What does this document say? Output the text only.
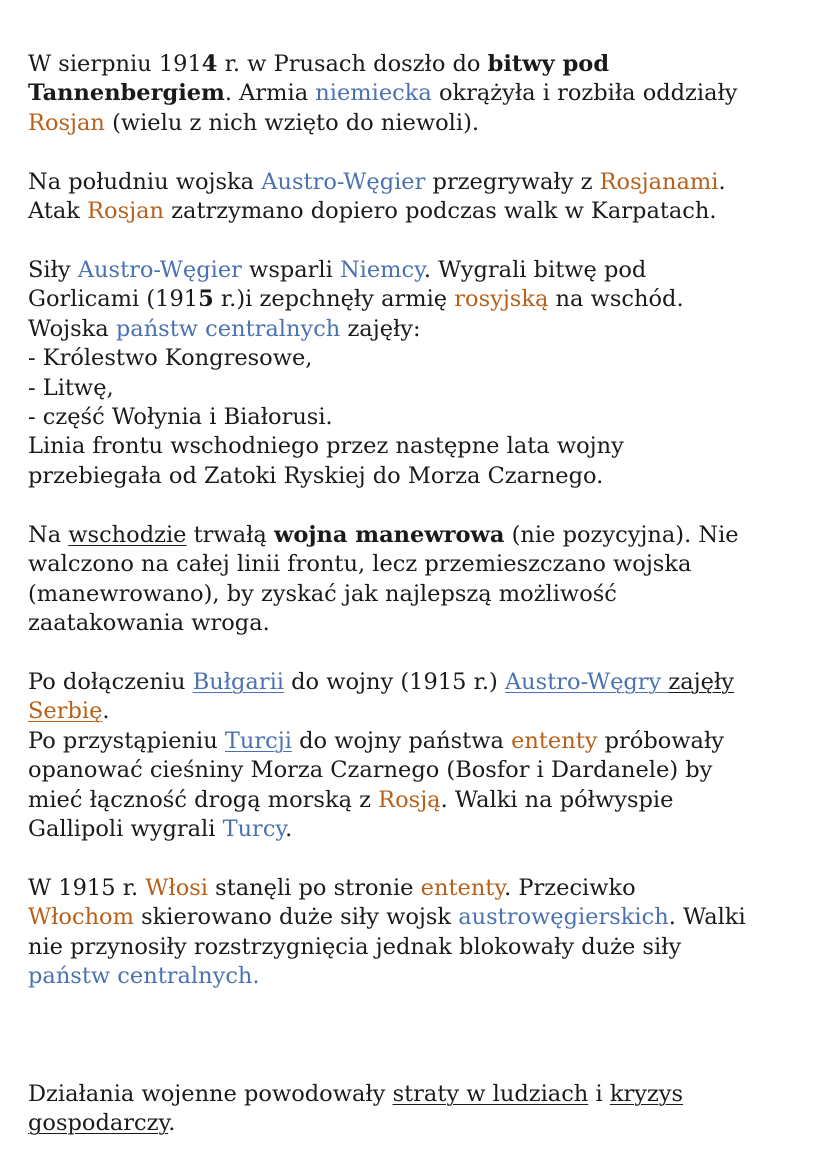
W sierpniu 1914 r. w Prusach doszło do bitwy pod

Tannenbergiem. Armia niemiecka okrążyła i rozbiła oddziały

Rosjan (wielu z nich wzięto do niewoli).

Na południu wojska Austro-Węgier przegrywały z Rosjanami.

Atak Rosjan zatrzymano dopiero podczas walk w Karpatach.

Siły Austro-Węgier wsparli Niemcy. Wygrali bitwę pod

Gorlicami (1915 r.)i zepchnęły armię rosyjską na wschód.

Wojska państw centralnych zajęły:

- Królestwo Kongresowe,

- Litwę,

- część Wołynia i Białorusi.

Linia frontu wschodniego przez następne lata wojny

przebiegała od Zatoki Ryskiej do Morza Czarnego.

Na wschodzie trwałą wojna manewrowa (nie pozycyjna). Nie

walczono na całej linii frontu, lecz przemieszczano wojska

(manewrowano), by zyskać jak najlepszą możliwość

zaatakowania wroga.

Po dołączeniu Bułgarii do wojny (1915 r.) Austro-Węgry zajęły

Serbię.

Po przystąpieniu Turcji do wojny państwa ententy próbowały

opanować cieśniny Morza Czarnego (Bosfor i Dardanele) by

mieć łączność drogą morską z Rosją. Walki na półwyspie

Gallipoli wygrali Turcy.

W 1915 r. Włosi stanęli po stronie ententy. Przeciwko

Włochom skierowano duże siły wojsk austrowęgierskich. Walki

nie przynosiły rozstrzygnięcia jednak blokowały duże siły

państw centralnych.

Działania wojenne powodowały straty w ludziach i kryzys

gospodarczy.
